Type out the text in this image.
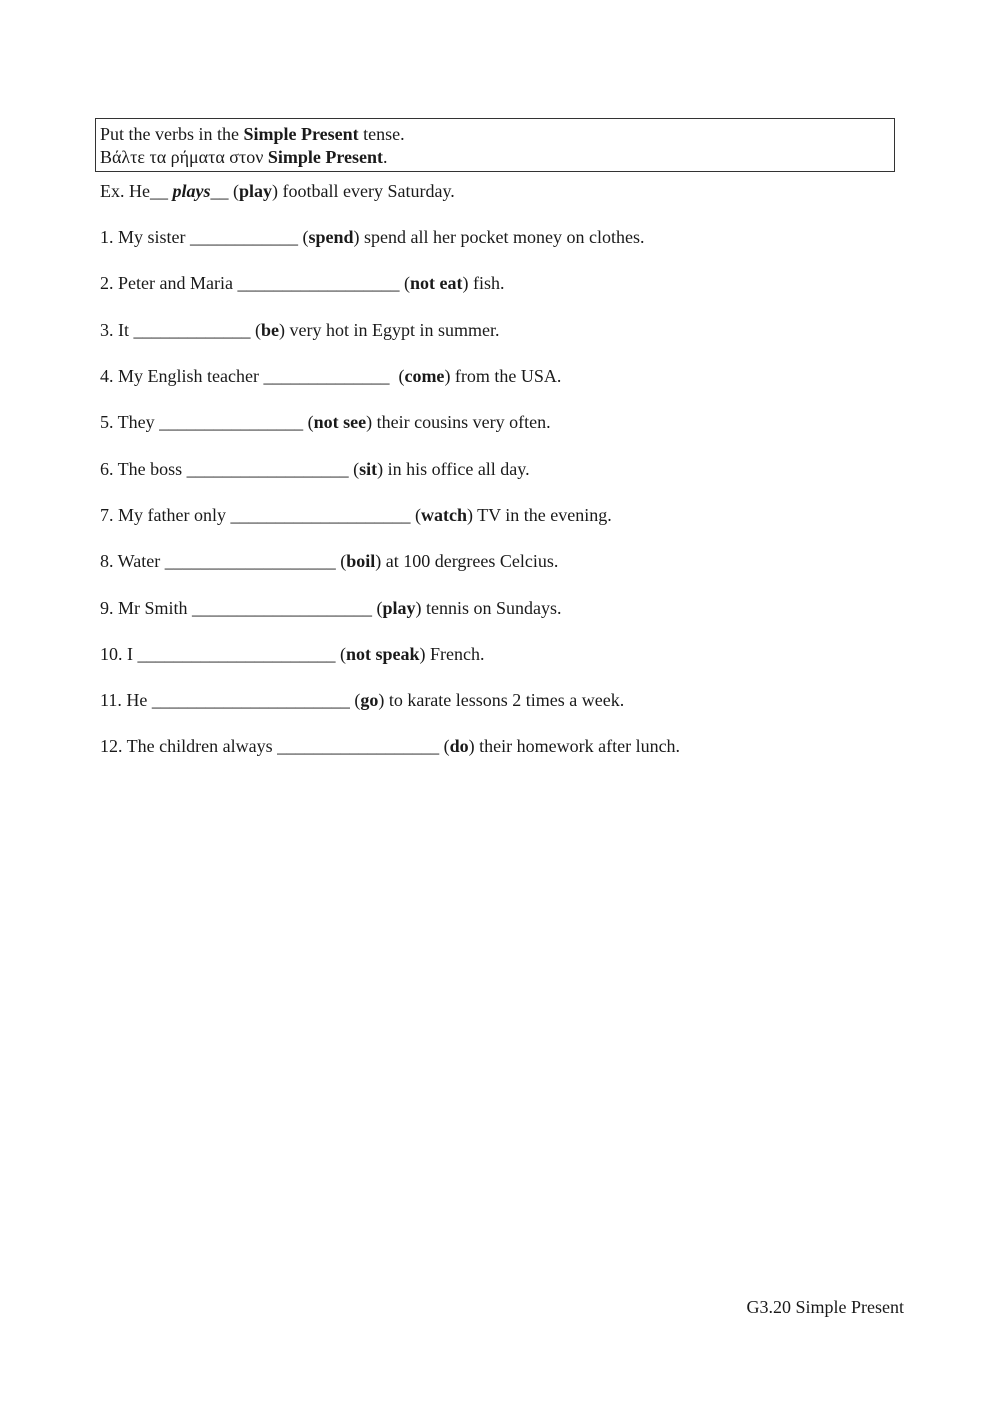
Put the verbs in the Simple Present tense.
Βάλτε τα ρήματα στον Simple Present.
Ex. He__ plays__ (play) football every Saturday.
1. My sister ____________ (spend) spend all her pocket money on clothes.
2. Peter and Maria __________________ (not eat) fish.
3. It _____________ (be) very hot in Egypt in summer.
4. My English teacher ______________  (come) from the USA.
5. They ________________ (not see) their cousins very often.
6. The boss __________________ (sit) in his office all day.
7. My father only ____________________ (watch) TV in the evening.
8. Water ___________________ (boil) at 100 dergrees Celcius.
9. Mr Smith ____________________ (play) tennis on Sundays.
10. I ______________________ (not speak) French.
11. He ______________________ (go) to karate lessons 2 times a week.
12. The children always __________________ (do) their homework after lunch.
G3.20 Simple Present
